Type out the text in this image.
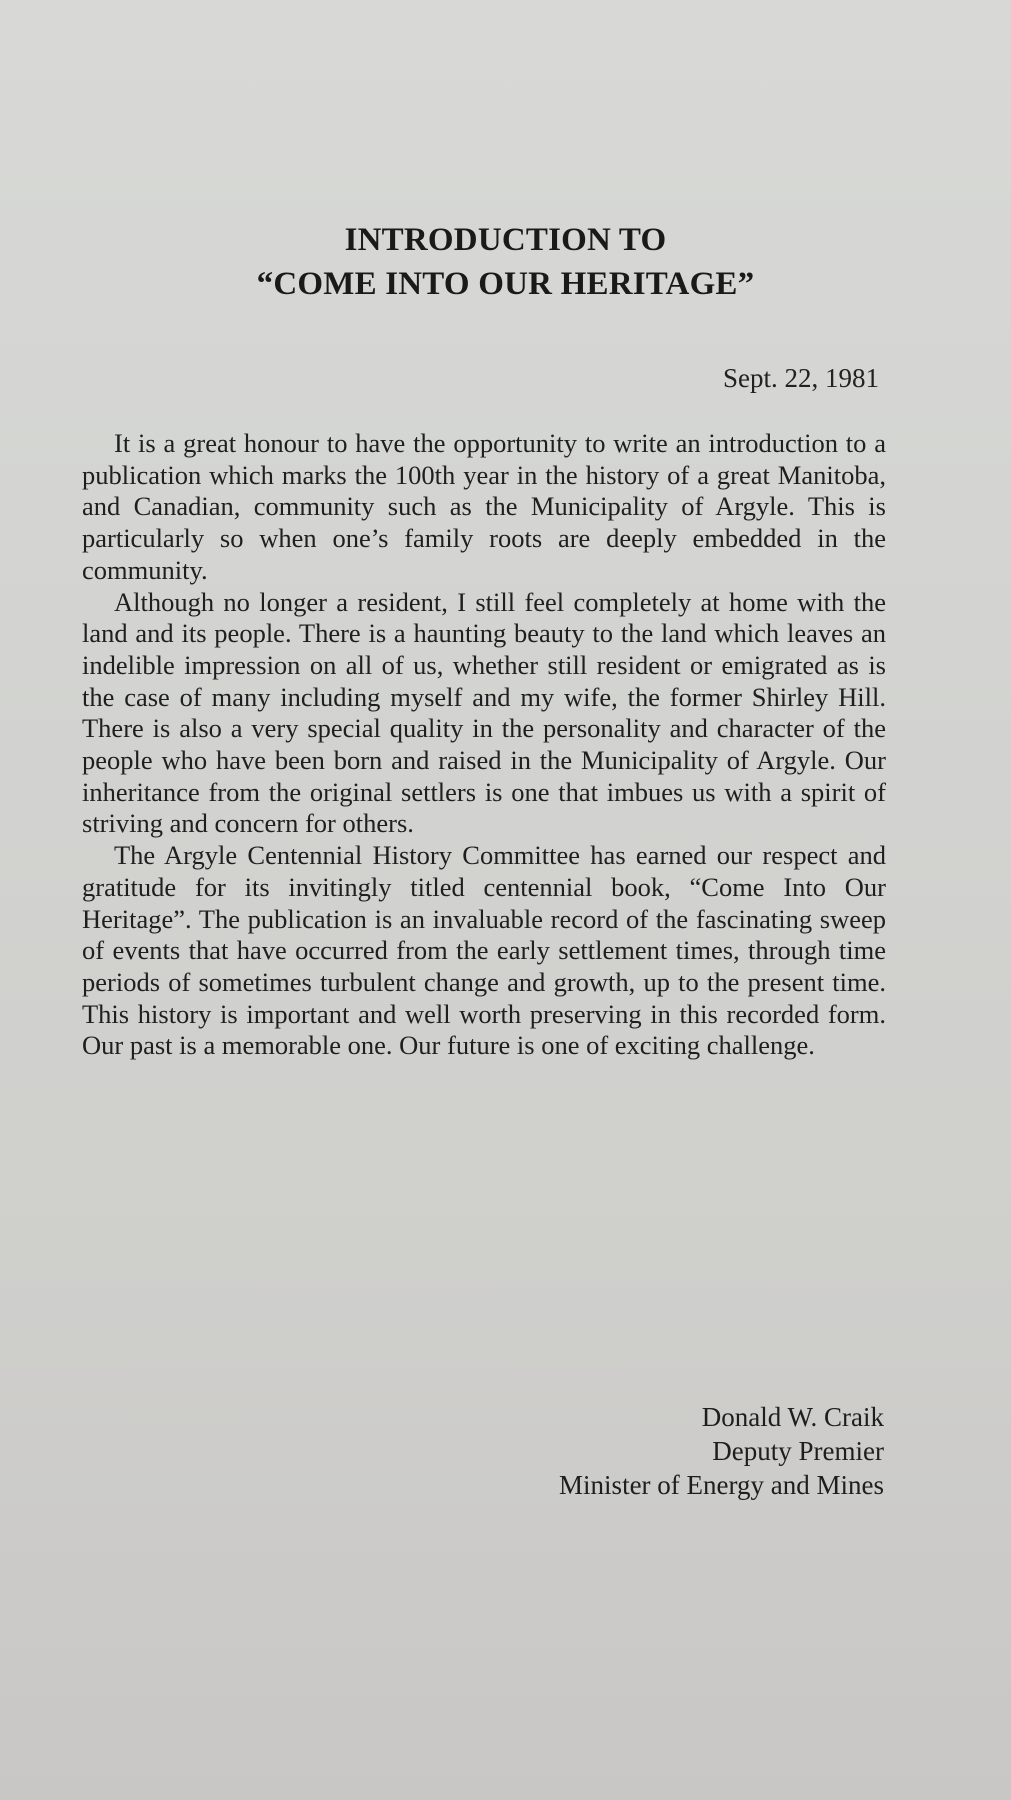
INTRODUCTION TO
“COME INTO OUR HERITAGE”
Sept. 22, 1981

It is a great honour to have the opportunity to write an introduction to a publication which marks the 100th year in the history of a great Manitoba, and Canadian, community such as the Municipality of Argyle. This is particularly so when one’s family roots are deeply embedded in the community.

Although no longer a resident, I still feel completely at home with the land and its people. There is a haunting beauty to the land which leaves an indelible impression on all of us, whether still resident or emigrated as is the case of many including myself and my wife, the former Shirley Hill. There is also a very special quality in the personality and character of the people who have been born and raised in the Municipality of Argyle. Our inheritance from the original settlers is one that imbues us with a spirit of striving and concern for others.

The Argyle Centennial History Committee has earned our respect and gratitude for its invitingly titled centennial book, “Come Into Our Heritage”. The publication is an invaluable record of the fascinating sweep of events that have occurred from the early settlement times, through time periods of sometimes turbulent change and growth, up to the present time. This history is important and well worth preserving in this recorded form. Our past is a memorable one. Our future is one of exciting challenge.

Donald W. Craik
Deputy Premier
Minister of Energy and Mines
